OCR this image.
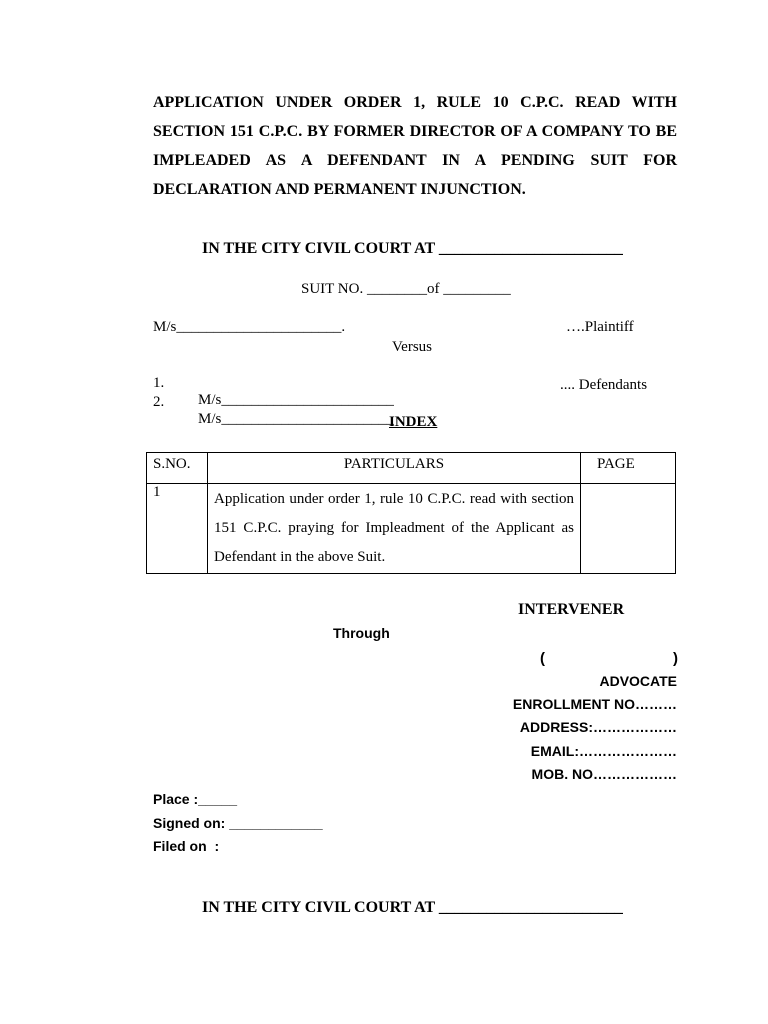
APPLICATION UNDER ORDER 1, RULE 10 C.P.C. READ WITH SECTION 151 C.P.C. BY FORMER DIRECTOR OF A COMPANY TO BE IMPLEADED AS A DEFENDANT IN A PENDING SUIT FOR DECLARATION AND PERMANENT INJUNCTION.
IN THE CITY CIVIL COURT AT _______________________
SUIT NO. ________of _________
M/s______________________.	….Plaintiff
Versus

1.

M/s_______________________

2.

M/s_______________________

.... Defendants
INDEX
S.NO.	PARTICULARS	PAGE
1	Application under order 1, rule 10 C.P.C. read with section 151 C.P.C. praying for Impleadment of the Applicant as Defendant in the above Suit.	
INTERVENER
Through
(	)
ADVOCATE
ENROLLMENT NO………
ADDRESS:………………
EMAIL:…………………
MOB. NO………………
Place :_____
Signed on: ____________
Filed on  :
IN THE CITY CIVIL COURT AT _______________________
